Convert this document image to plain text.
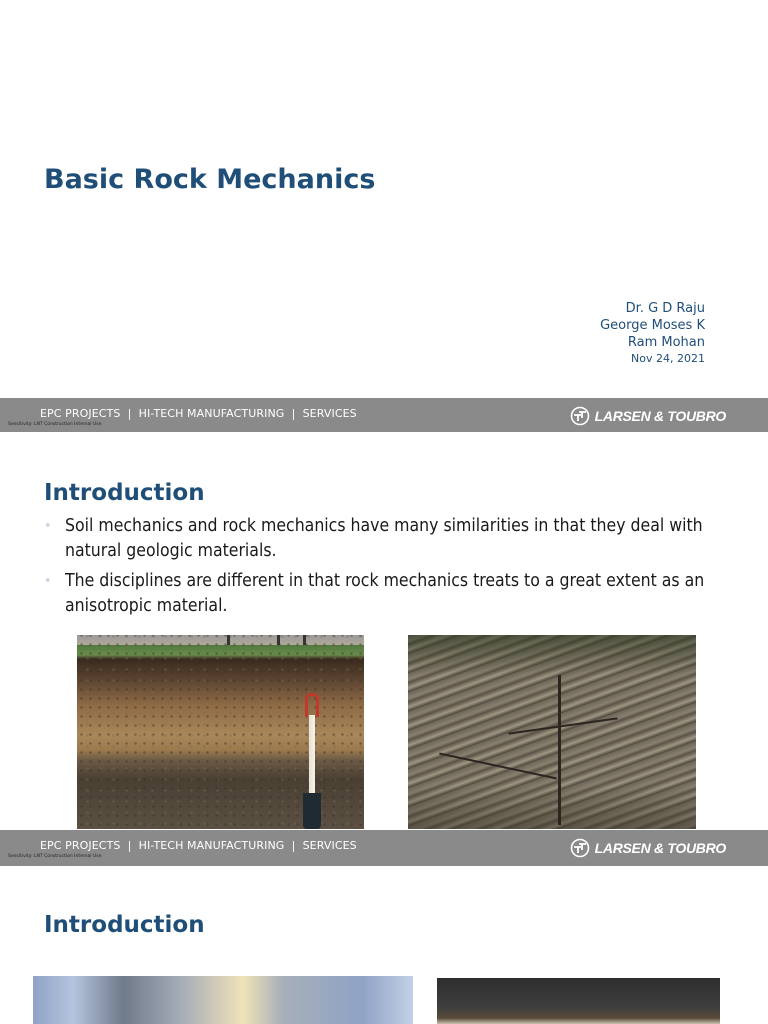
Basic Rock Mechanics
Dr. G D Raju
George Moses K
Ram Mohan
Nov 24, 2021
EPC PROJECTS  |  HI-TECH MANUFACTURING  |  SERVICES
Sensitivity: LNT Construction Internal Use
LARSEN & TOUBRO
Introduction
• Soil mechanics and rock mechanics have many similarities in that they deal with natural geologic materials.
• The disciplines are different in that rock mechanics treats to a great extent as an anisotropic material.
EPC PROJECTS  |  HI-TECH MANUFACTURING  |  SERVICES
Sensitivity: LNT Construction Internal Use
LARSEN & TOUBRO
Introduction
